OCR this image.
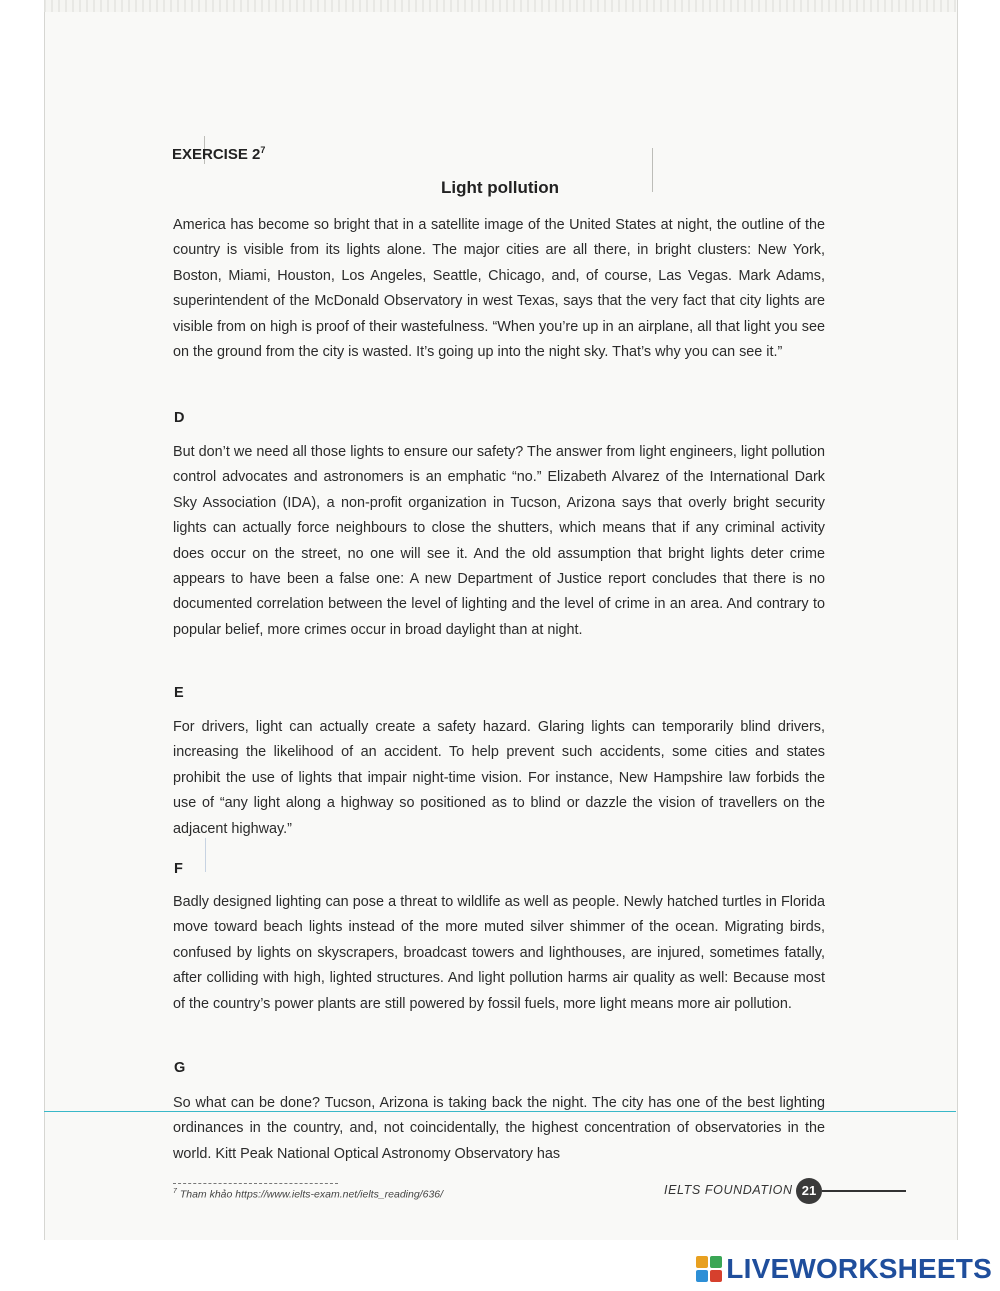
EXERCISE $2^7$
Light pollution
America has become so bright that in a satellite image of the United States at night, the outline of the country is visible from its lights alone. The major cities are all there, in bright clusters: New York, Boston, Miami, Houston, Los Angeles, Seattle, Chicago, and, of course, Las Vegas. Mark Adams, superintendent of the McDonald Observatory in west Texas, says that the very fact that city lights are visible from on high is proof of their wastefulness. “When you’re up in an airplane, all that light you see on the ground from the city is wasted. It’s going up into the night sky. That’s why you can see it.”
D
But don’t we need all those lights to ensure our safety? The answer from light engineers, light pollution control advocates and astronomers is an emphatic “no.” Elizabeth Alvarez of the International Dark Sky Association (IDA), a non-profit organization in Tucson, Arizona says that overly bright security lights can actually force neighbours to close the shutters, which means that if any criminal activity does occur on the street, no one will see it. And the old assumption that bright lights deter crime appears to have been a false one: A new Department of Justice report concludes that there is no documented correlation between the level of lighting and the level of crime in an area. And contrary to popular belief, more crimes occur in broad daylight than at night.
E
For drivers, light can actually create a safety hazard. Glaring lights can temporarily blind drivers, increasing the likelihood of an accident. To help prevent such accidents, some cities and states prohibit the use of lights that impair night-time vision. For instance, New Hampshire law forbids the use of “any light along a highway so positioned as to blind or dazzle the vision of travellers on the adjacent highway.”
F
Badly designed lighting can pose a threat to wildlife as well as people. Newly hatched turtles in Florida move toward beach lights instead of the more muted silver shimmer of the ocean. Migrating birds, confused by lights on skyscrapers, broadcast towers and lighthouses, are injured, sometimes fatally, after colliding with high, lighted structures. And light pollution harms air quality as well: Because most of the country’s power plants are still powered by fossil fuels, more light means more air pollution.
G
So what can be done? Tucson, Arizona is taking back the night. The city has one of the best lighting ordinances in the country, and, not coincidentally, the highest concentration of observatories in the world. Kitt Peak National Optical Astronomy Observatory has
$^7$ Tham khảo https://www.ielts-exam.net/ielts_reading/636/	IELTS FOUNDATION 21
LIVEWORKSHEETS
